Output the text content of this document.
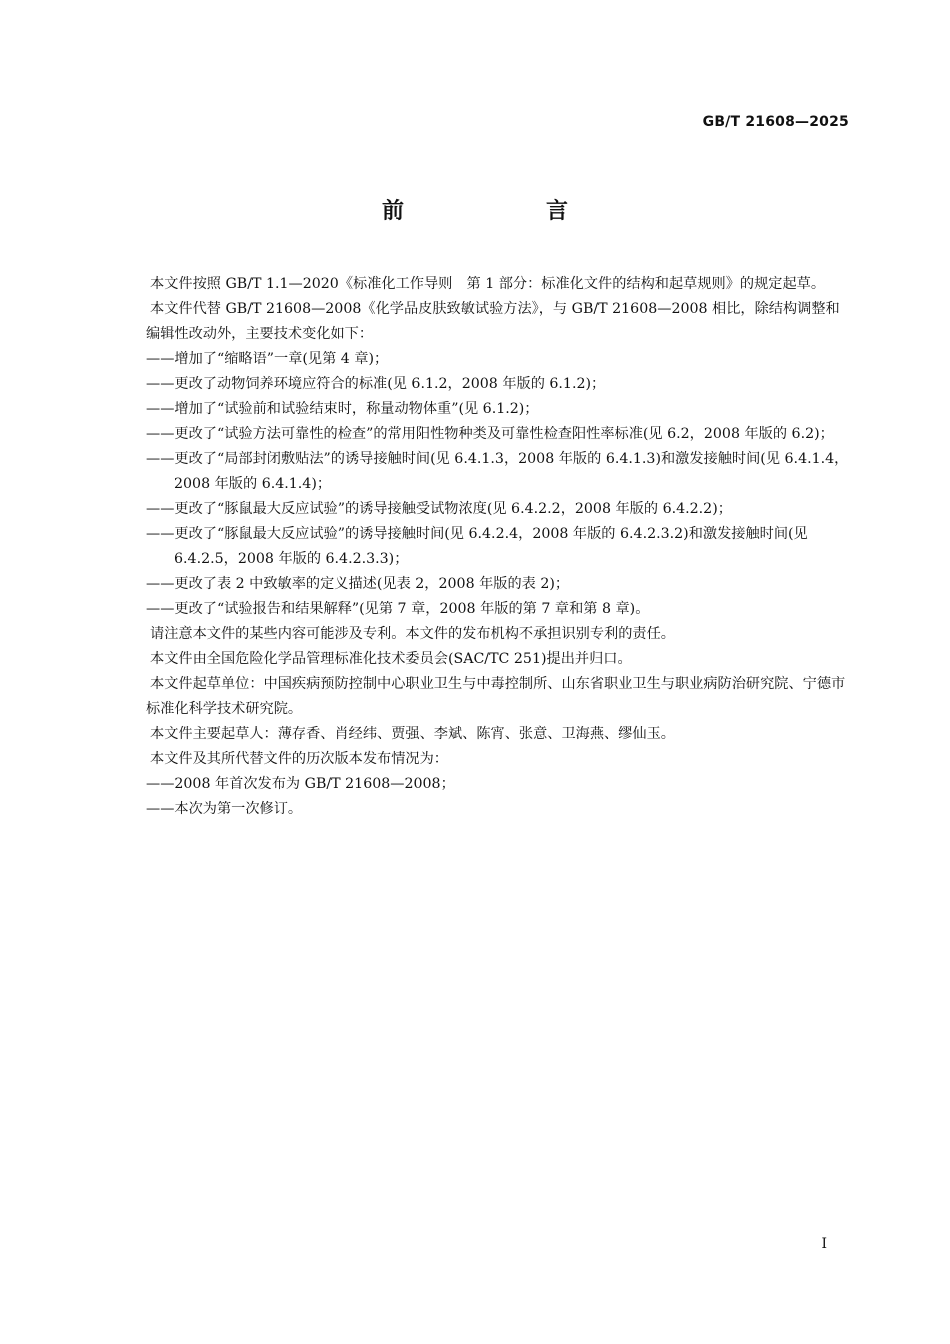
GB/T 21608—2025
前　言

本文件按照 GB/T 1.1—2020《标准化工作导则　第 1 部分：标准化文件的结构和起草规则》的规定起草。

本文件代替 GB/T 21608—2008《化学品皮肤致敏试验方法》，与 GB/T 21608—2008 相比，除结构调整和编辑性改动外，主要技术变化如下：

——增加了“缩略语”一章(见第 4 章)；

——更改了动物饲养环境应符合的标准(见 6.1.2，2008 年版的 6.1.2)；

——增加了“试验前和试验结束时，称量动物体重”(见 6.1.2)；

——更改了“试验方法可靠性的检查”的常用阳性物种类及可靠性检查阳性率标准(见 6.2，2008 年版的 6.2)；

——更改了“局部封闭敷贴法”的诱导接触时间(见 6.4.1.3，2008 年版的 6.4.1.3)和激发接触时间(见 6.4.1.4，2008 年版的 6.4.1.4)；

——更改了“豚鼠最大反应试验”的诱导接触受试物浓度(见 6.4.2.2，2008 年版的 6.4.2.2)；

——更改了“豚鼠最大反应试验”的诱导接触时间(见 6.4.2.4，2008 年版的 6.4.2.3.2)和激发接触时间(见 6.4.2.5，2008 年版的 6.4.2.3.3)；

——更改了表 2 中致敏率的定义描述(见表 2，2008 年版的表 2)；

——更改了“试验报告和结果解释”(见第 7 章，2008 年版的第 7 章和第 8 章)。

请注意本文件的某些内容可能涉及专利。本文件的发布机构不承担识别专利的责任。

本文件由全国危险化学品管理标准化技术委员会(SAC/TC 251)提出并归口。

本文件起草单位：中国疾病预防控制中心职业卫生与中毒控制所、山东省职业卫生与职业病防治研究院、宁德市标准化科学技术研究院。

本文件主要起草人：薄存香、肖经纬、贾强、李斌、陈宵、张意、卫海燕、缪仙玉。

本文件及其所代替文件的历次版本发布情况为：

——2008 年首次发布为 GB/T 21608—2008；

——本次为第一次修订。

I
